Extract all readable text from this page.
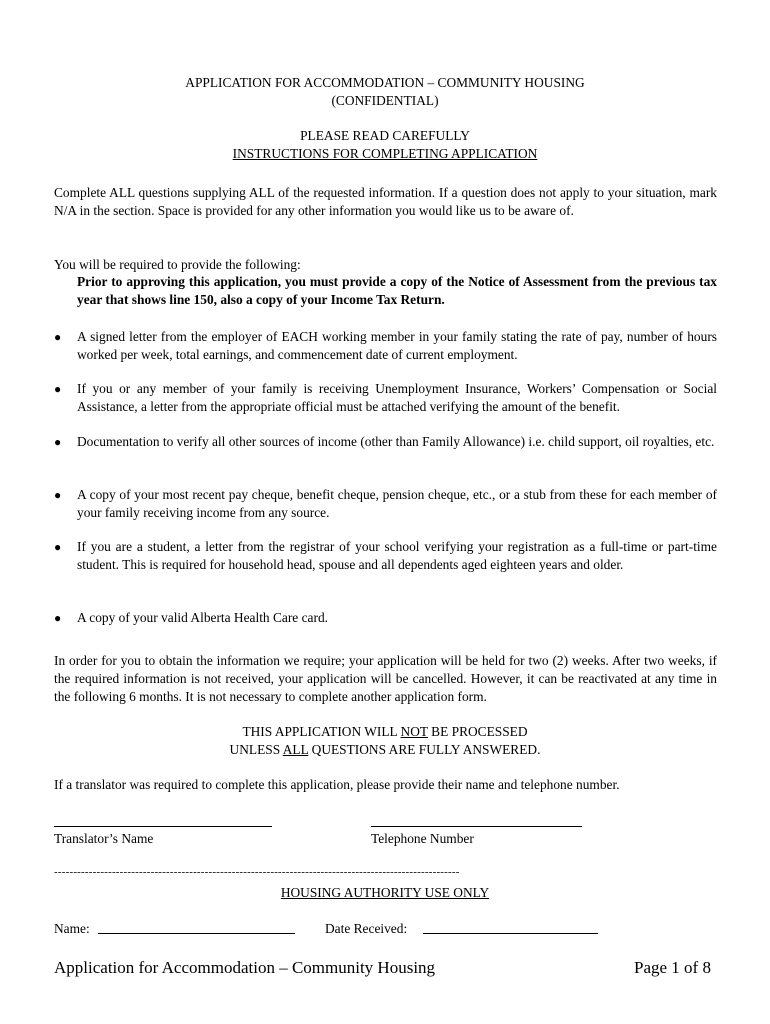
APPLICATION FOR ACCOMMODATION – COMMUNITY HOUSING
(CONFIDENTIAL)
PLEASE READ CAREFULLY
INSTRUCTIONS FOR COMPLETING APPLICATION
Complete ALL questions supplying ALL of the requested information. If a question does not apply to your situation, mark N/A in the section. Space is provided for any other information you would like us to be aware of.
You will be required to provide the following:
Prior to approving this application, you must provide a copy of the Notice of Assessment from the previous tax year that shows line 150, also a copy of your Income Tax Return.
● A signed letter from the employer of EACH working member in your family stating the rate of pay, number of hours worked per week, total earnings, and commencement date of current employment.
● If you or any member of your family is receiving Unemployment Insurance, Workers’ Compensation or Social Assistance, a letter from the appropriate official must be attached verifying the amount of the benefit.
● Documentation to verify all other sources of income (other than Family Allowance) i.e. child support, oil royalties, etc.
● A copy of your most recent pay cheque, benefit cheque, pension cheque, etc., or a stub from these for each member of your family receiving income from any source.
● If you are a student, a letter from the registrar of your school verifying your registration as a full-time or part-time student. This is required for household head, spouse and all dependents aged eighteen years and older.
● A copy of your valid Alberta Health Care card.
In order for you to obtain the information we require; your application will be held for two (2) weeks. After two weeks, if the required information is not received, your application will be cancelled. However, it can be reactivated at any time in the following 6 months. It is not necessary to complete another application form.
THIS APPLICATION WILL NOT BE PROCESSED
UNLESS ALL QUESTIONS ARE FULLY ANSWERED.
If a translator was required to complete this application, please provide their name and telephone number.
Translator’s Name	Telephone Number
---------------------------------------------------------------------------------------------------------
HOUSING AUTHORITY USE ONLY
Name:	Date Received:
Application for Accommodation – Community Housing	Page 1 of 8
